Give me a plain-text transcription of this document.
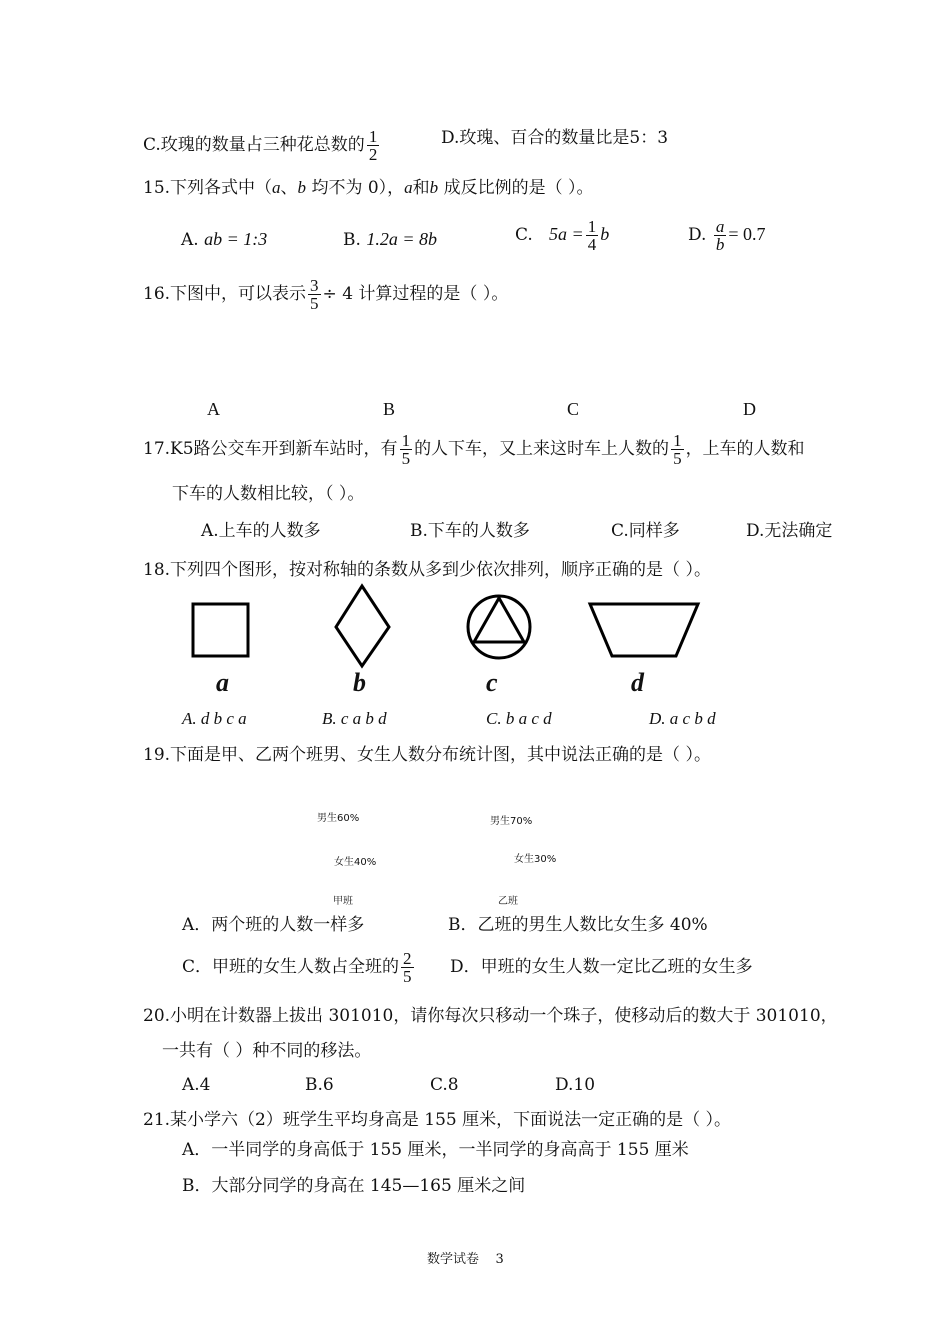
C.玫瑰的数量占三种花总数的 $\frac{1}{2}$	D.玫瑰、百合的数量比是5：3
15.下列各式中（a、b 均不为 0），a和b 成反比例的是（ ）。
A. ab = 1:3	B. 1.2a = 8b	C. $5a = \frac{1}{4}$ b	D. $\frac{a}{b} = 0.7$
16.下图中，可以表示 $\frac{3}{5} \div 4$ 计算过程的是（ ）。
A	B	C	D
17.K5路公交车开到新车站时，有 $\frac{1}{5}$ 的人下车，又上来这时车上人数的 $\frac{1}{5}$ ，上车的人数和
下车的人数相比较，（ ）。
A.上车的人数多	B.下车的人数多	C.同样多	D.无法确定
18.下列四个图形，按对称轴的条数从多到少依次排列，顺序正确的是（ ）。
a	b	c	d
A. d b c a	B. c a b d	C. b a c d	D. a c b d
19.下面是甲、乙两个班男、女生人数分布统计图，其中说法正确的是（ ）。
男生60%
女生40%
甲班
男生70%
女生30%
乙班
A．两个班的人数一样多	B．乙班的男生人数比女生多 40%
C．甲班的女生人数占全班的 $\frac{2}{5}$ D．甲班的女生人数一定比乙班的女生多
20.小明在计数器上拔出 301010，请你每次只移动一个珠子，使移动后的数大于 301010，
一共有（ ）种不同的移法。
A.4	B.6	C.8	D.10
21.某小学六（2）班学生平均身高是 155 厘米，下面说法一定正确的是（ ）。
A．一半同学的身高低于 155 厘米，一半同学的身高高于 155 厘米
B．大部分同学的身高在 145—165 厘米之间
数学试卷 3
